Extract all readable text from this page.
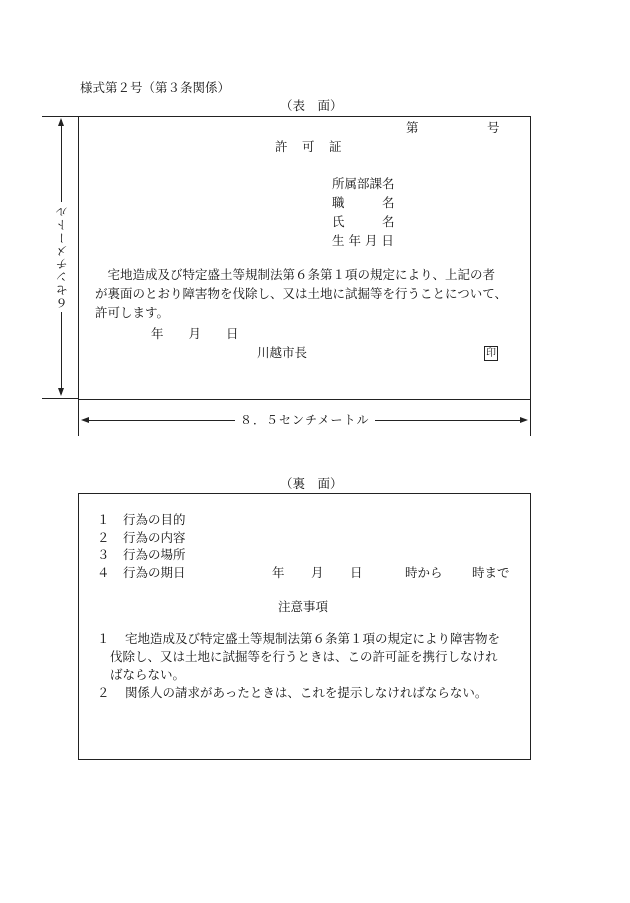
様式第２号（第３条関係）
（表　面）
６センチメートル
第	号
許　可　証
所属部課名
職　　　名
氏　　　名
生 年 月 日
　宅地造成及び特定盛土等規制法第６条第１項の規定により、上記の者
が裏面のとおり障害物を伐除し、又は土地に試掘等を行うことについて、
許可します。
年　　月　　日
川越市長	印
８．５センチメートル
（裏　面）
１ 行為の目的
２ 行為の内容
３ 行為の場所
４ 行為の期日	年 月 日	時から 時まで
注意事項
１ 宅地造成及び特定盛土等規制法第６条第１項の規定により障害物を
伐除し、又は土地に試掘等を行うときは、この許可証を携行しなけれ
ばならない。
２ 関係人の請求があったときは、これを提示しなければならない。
